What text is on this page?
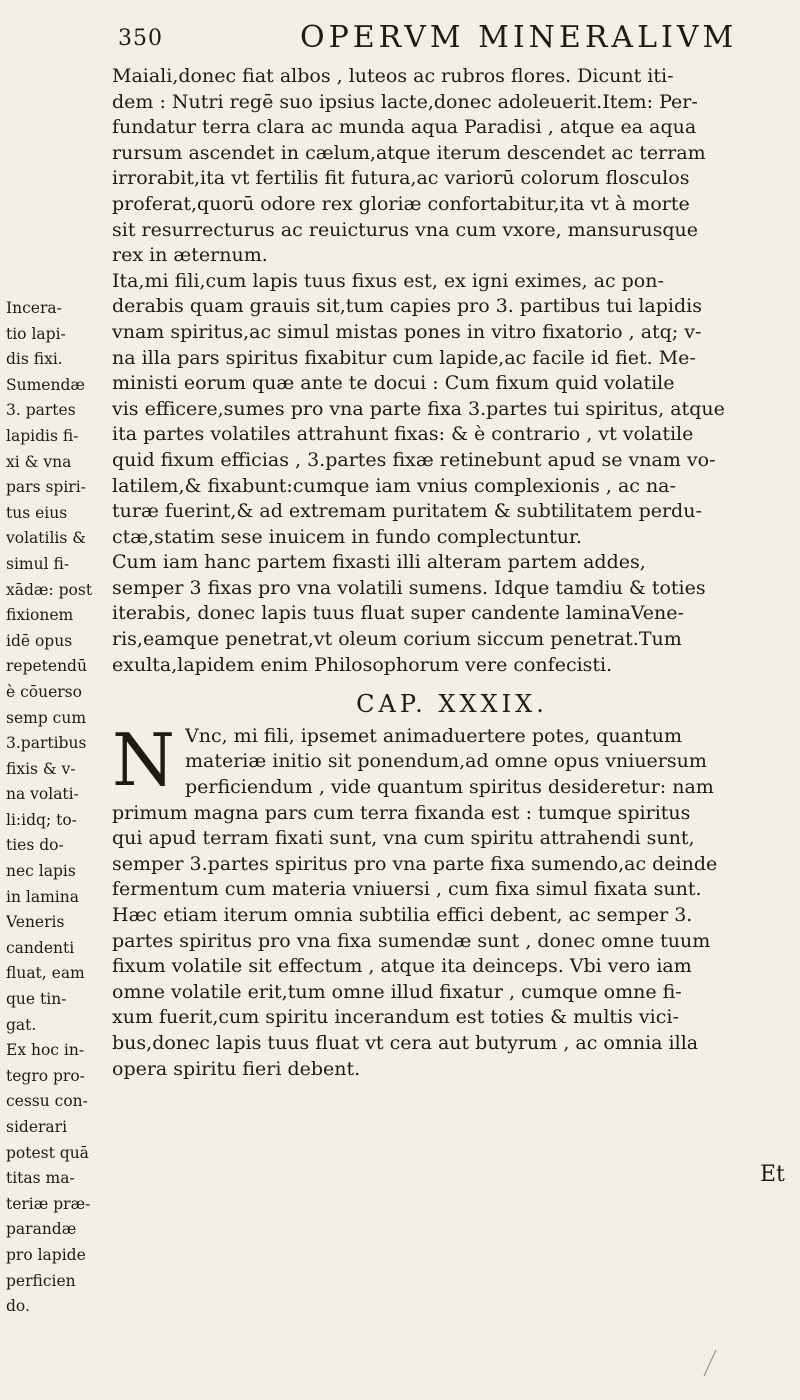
350	OPERVM MINERALIVM
Incera-
tio lapi-
dis fixi.
Sumendæ
3. partes
lapidis fi-
xi & vna
pars spiri-
tus eius
volatilis &
simul fi-
xādæ: post
fixionem
idē opus
repetendū
è cōuerso
semp cum
3.partibus
fixis & v-
na volati-
li:idq; to-
ties do-
nec lapis
in lamina
Veneris
candenti
fluat, eam
que tin-
gat.
Ex hoc in-
tegro pro-
cessu con-
siderari
potest quā
titas ma-
teriæ præ-
parandæ
pro lapide
perficien
do.
Maiali,donec fiat albos , luteos ac rubros flores. Dicunt iti-
dem : Nutri regē suo ipsius lacte,donec adoleuerit.Item: Per-
fundatur terra clara ac munda aqua Paradisi , atque ea aqua
rursum ascendet in cælum,atque iterum descendet ac terram
irrorabit,ita vt fertilis fit futura,ac variorū colorum flosculos
proferat,quorū odore rex gloriæ confortabitur,ita vt à morte
sit resurrecturus ac reuicturus vna cum vxore, mansurusque
rex in æternum.
Ita,mi fili,cum lapis tuus fixus est, ex igni eximes, ac pon-
derabis quam grauis sit,tum capies pro 3. partibus tui lapidis
vnam spiritus,ac simul mistas pones in vitro fixatorio , atq; v-
na illa pars spiritus fixabitur cum lapide,ac facile id fiet. Me-
ministi eorum quæ ante te docui : Cum fixum quid volatile
vis efficere,sumes pro vna parte fixa 3.partes tui spiritus, atque
ita partes volatiles attrahunt fixas: & è contrario , vt volatile
quid fixum efficias , 3.partes fixæ retinebunt apud se vnam vo-
latilem,& fixabunt:cumque iam vnius complexionis , ac na-
turæ fuerint,& ad extremam puritatem & subtilitatem perdu-
ctæ,statim sese inuicem in fundo complectuntur.
Cum iam hanc partem fixasti illi alteram partem addes,
semper 3 fixas pro vna volatili sumens. Idque tamdiu & toties
iterabis, donec lapis tuus fluat super candente laminaVene-
ris,eamque penetrat,vt oleum corium siccum penetrat.Tum
exulta,lapidem enim Philosophorum vere confecisti.
CAP. XXXIX.
N Vnc, mi fili, ipsemet animaduertere potes, quantum
materiæ initio sit ponendum,ad omne opus vniuersum
perficiendum , vide quantum spiritus desideretur: nam
primum magna pars cum terra fixanda est : tumque spiritus
qui apud terram fixati sunt, vna cum spiritu attrahendi sunt,
semper 3.partes spiritus pro vna parte fixa sumendo,ac deinde
fermentum cum materia vniuersi , cum fixa simul fixata sunt.
Hæc etiam iterum omnia subtilia effici debent, ac semper 3.
partes spiritus pro vna fixa sumendæ sunt , donec omne tuum
fixum volatile sit effectum , atque ita deinceps. Vbi vero iam
omne volatile erit,tum omne illud fixatur , cumque omne fi-
xum fuerit,cum spiritu incerandum est toties & multis vici-
bus,donec lapis tuus fluat vt cera aut butyrum , ac omnia illa
opera spiritu fieri debent.
Et
